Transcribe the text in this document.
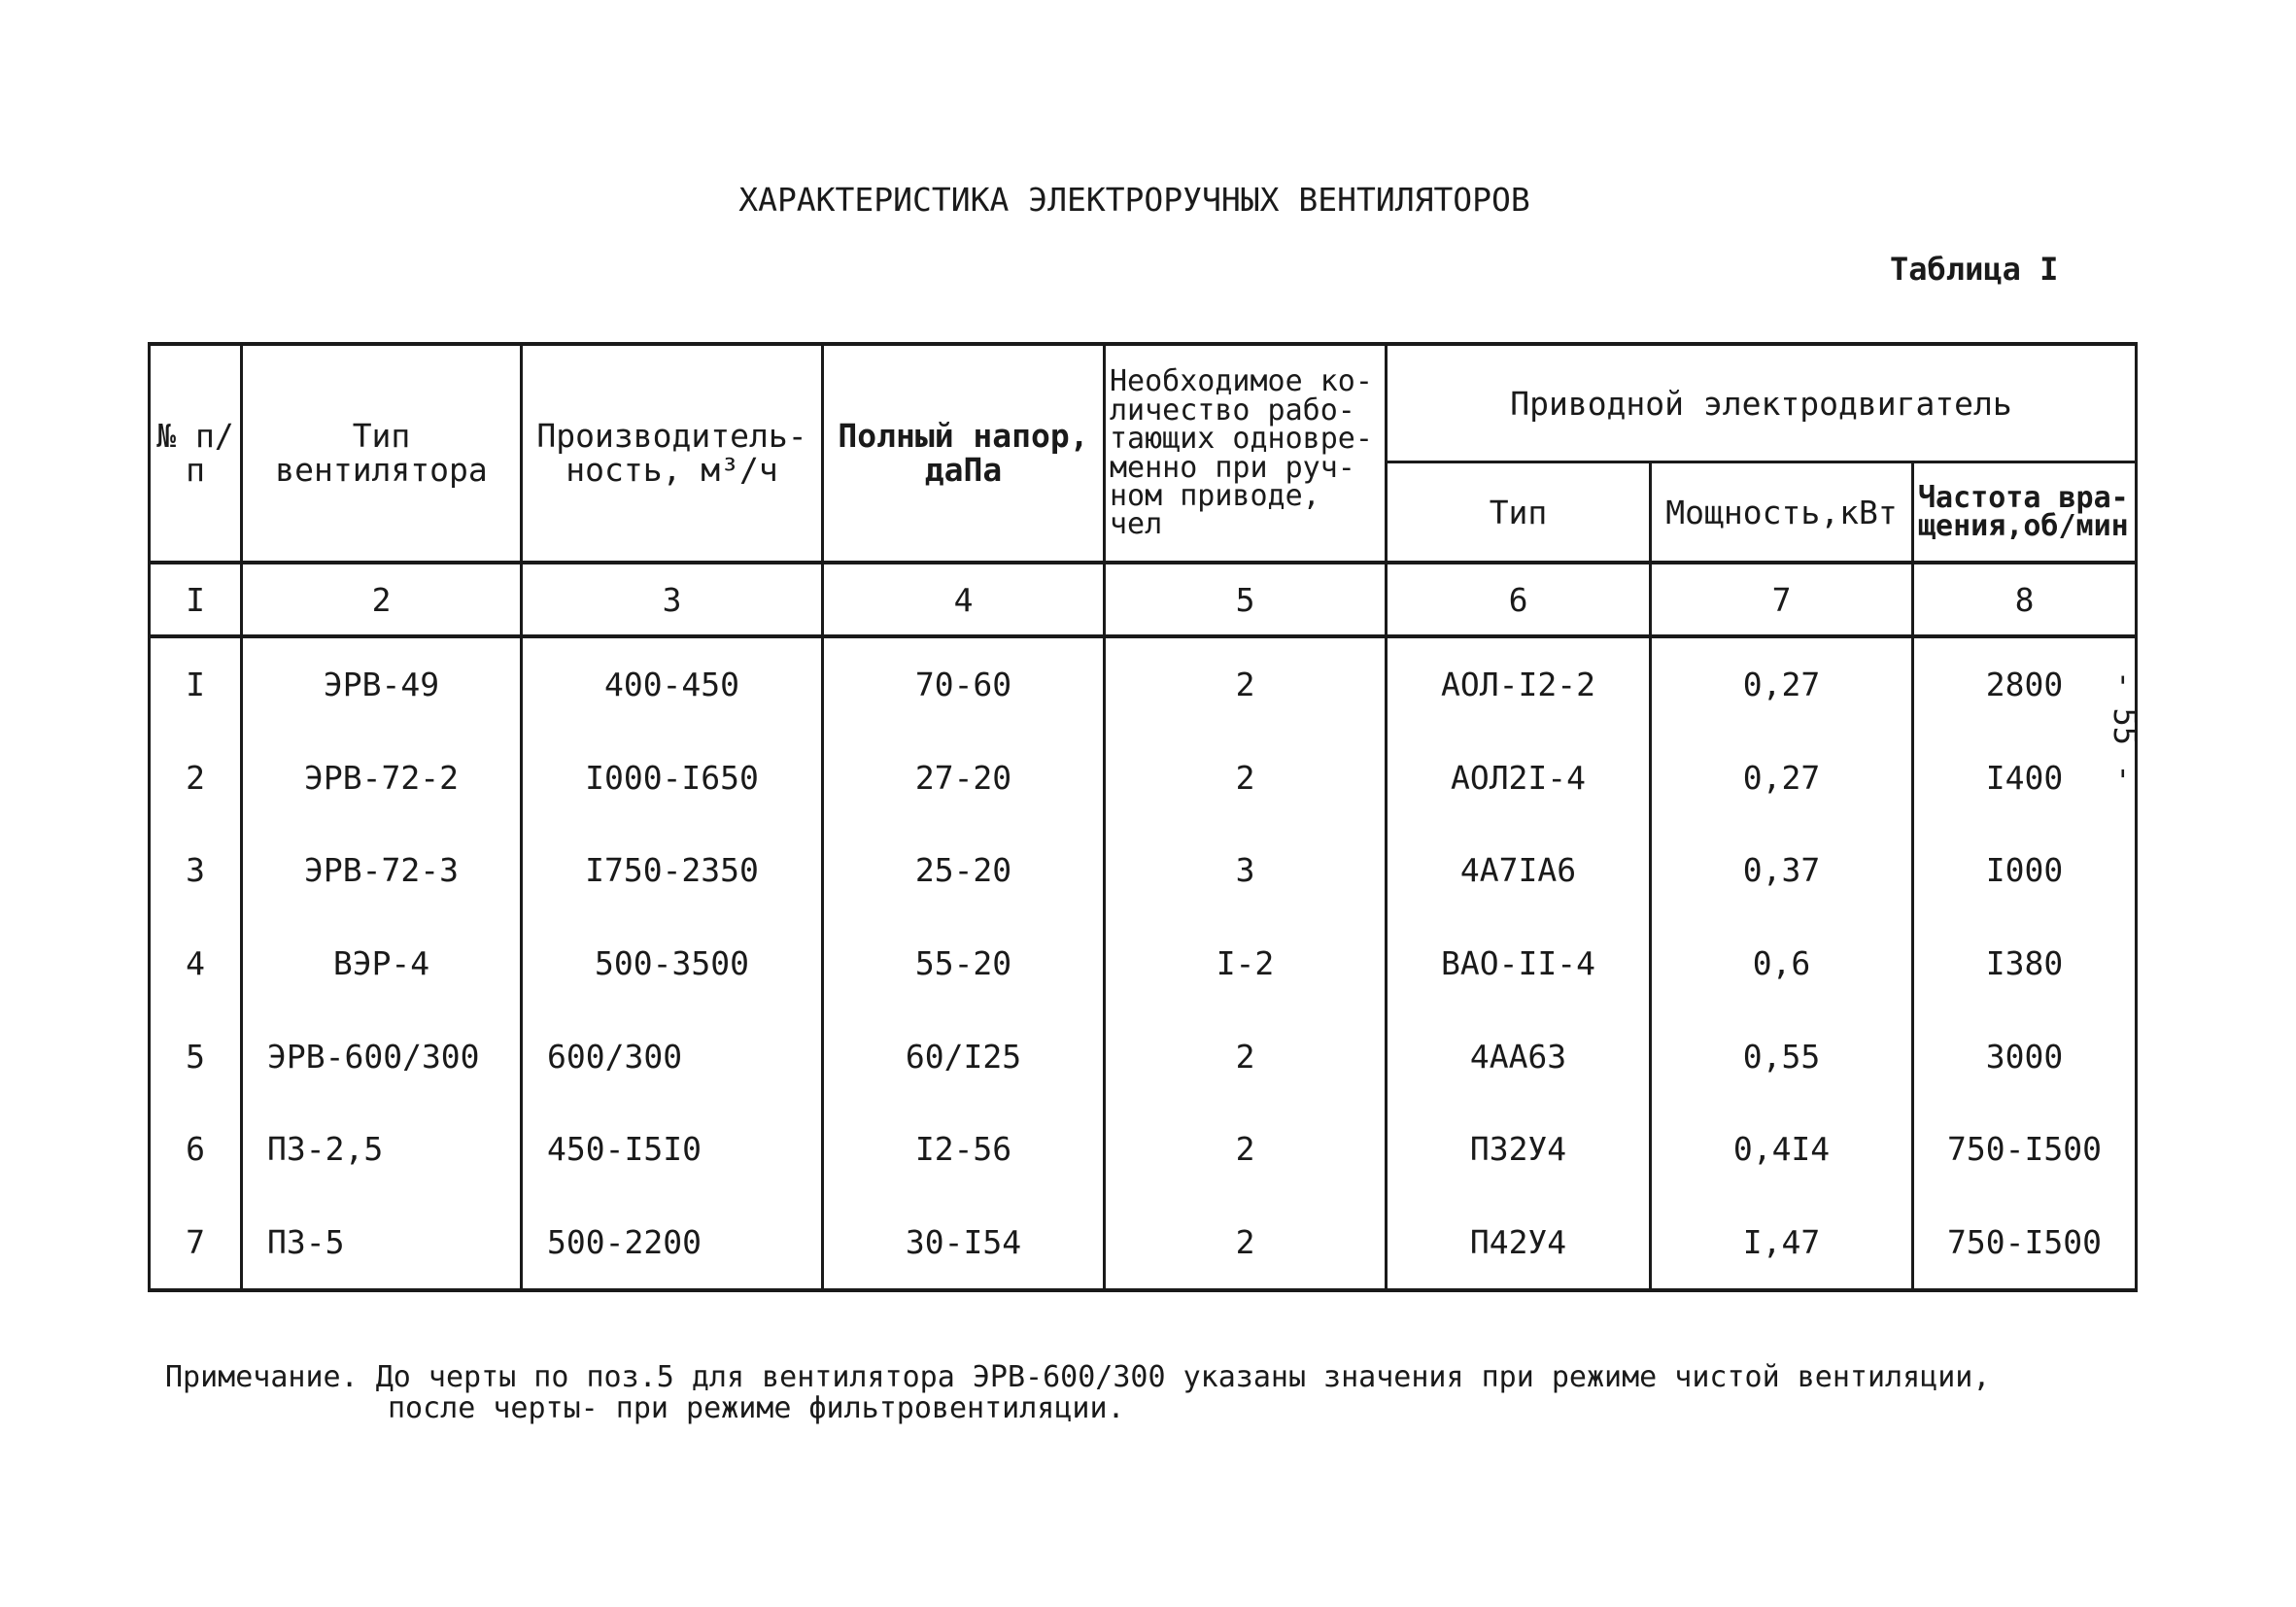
ХАРАКТЕРИСТИКА ЭЛЕКТРОРУЧНЫХ ВЕНТИЛЯТОРОВ
Таблица I
- 55 -
№ п/п	Тип вентилятора	Производитель-ность, м³/ч	Полный напор, даПа	Необходимое ко-личество рабо-тающих одновре-менно при руч-ном приводе, чел	Приводной электродвигатель		
					Тип	Мощность,кВт	Частота вра-щения,об/мин
I	2	3	4	5	6	7	8
I	ЭРВ-49	400-450	70-60	2	АОЛ-I2-2	0,27	2800
2	ЭРВ-72-2	I000-I650	27-20	2	АОЛ2I-4	0,27	I400
3	ЭРВ-72-3	I750-2350	25-20	3	4А7IА6	0,37	I000
4	ВЭР-4	500-3500	55-20	I-2	ВАО-II-4	0,6	I380
5	ЭРВ-600/300	600/300	60/I25	2	4АА63	0,55	3000
6	ПЗ-2,5	450-I5I0	I2-56	2	П32У4	0,4I4	750-I500
7	ПЗ-5	500-2200	30-I54	2	П42У4	I,47	750-I500
Примечание. До черты по поз.5 для вентилятора ЭРВ-600/300 указаны значения при режиме чистой вентиляции,
после черты- при режиме фильтровентиляции.
